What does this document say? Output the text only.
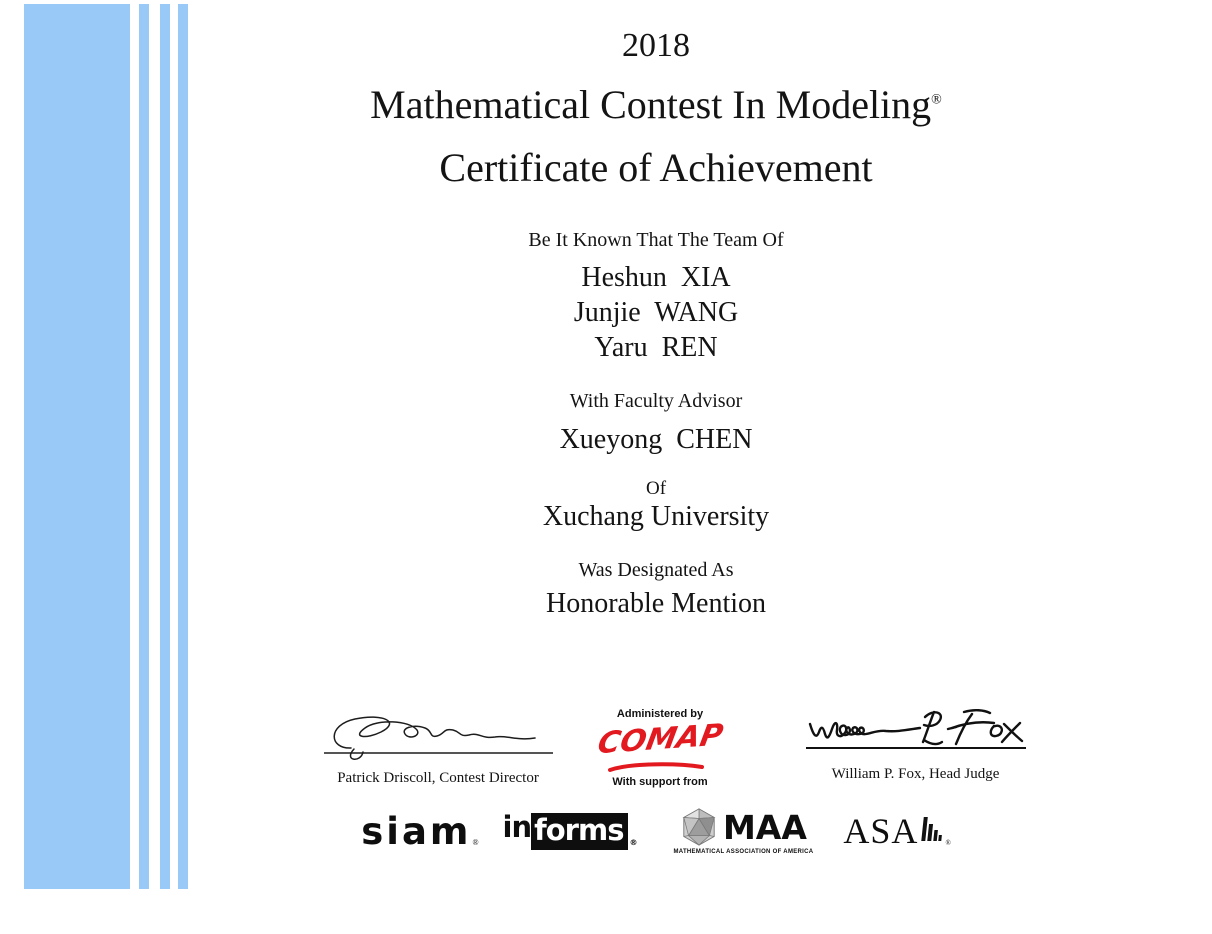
2018
Mathematical Contest In Modeling®
Certificate of Achievement
Be It Known That The Team Of
Heshun  XIA
Junjie  WANG
Yaru  REN
With Faculty Advisor
Xueyong  CHEN
Of
Xuchang University
Was Designated As
Honorable Mention
Patrick Driscoll, Contest Director
Administered by
COMAP
With support from	William P. Fox, Head Judge
siam ® in forms ®	MAA
MATHEMATICAL ASSOCIATION OF AMERICA
ASA	®
